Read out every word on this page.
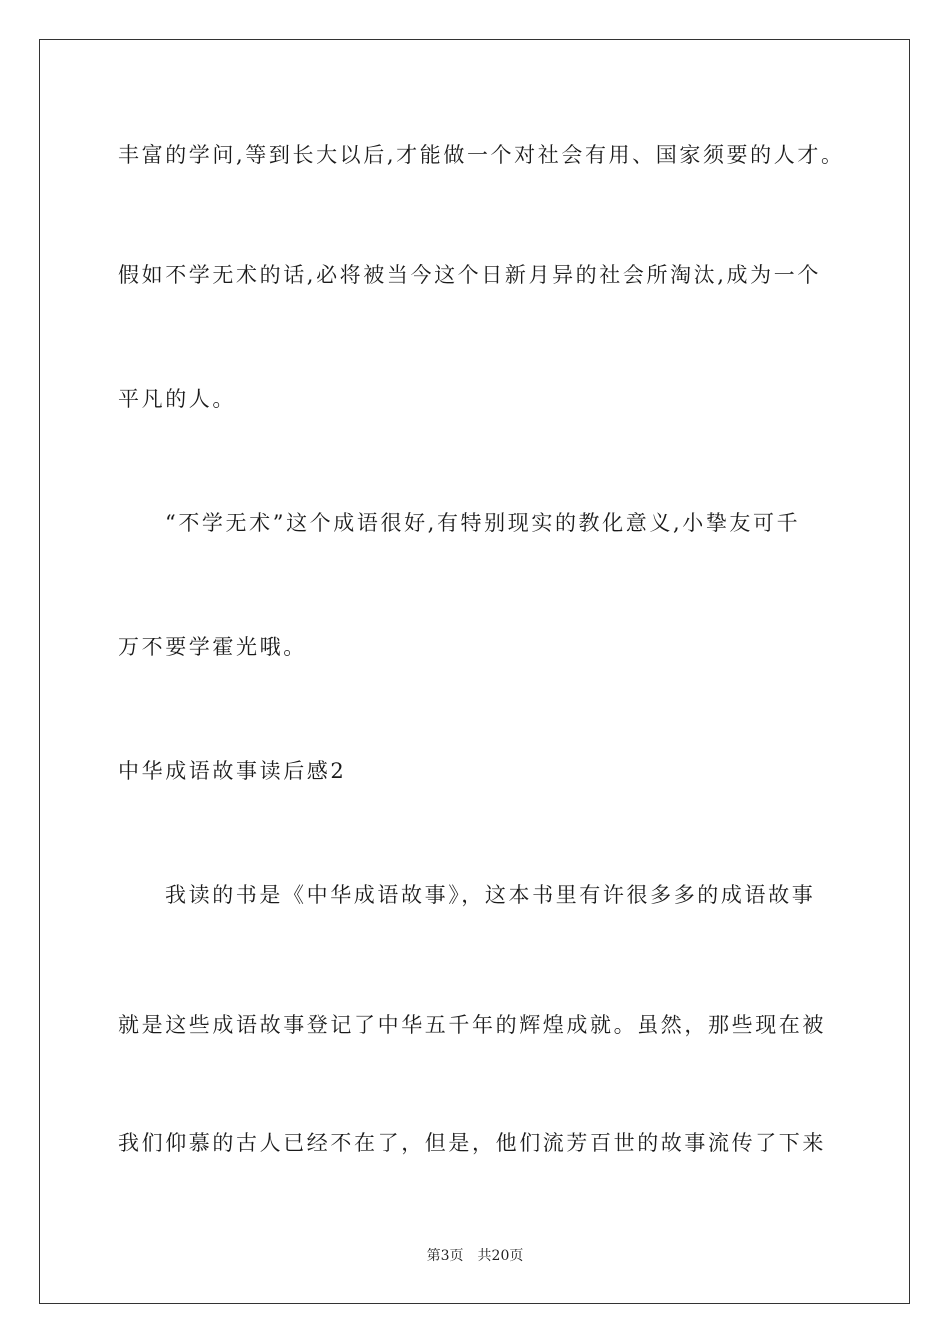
丰富的学问,等到长大以后,才能做一个对社会有用、国家须要的人才。
假如不学无术的话,必将被当今这个日新月异的社会所淘汰,成为一个
平凡的人。
“不学无术”这个成语很好,有特别现实的教化意义,小挚友可千
万不要学霍光哦。
中华成语故事读后感2
我读的书是《中华成语故事》，这本书里有许很多多的成语故事
就是这些成语故事登记了中华五千年的辉煌成就。虽然，那些现在被
我们仰慕的古人已经不在了，但是，他们流芳百世的故事流传了下来
第3页 共20页
